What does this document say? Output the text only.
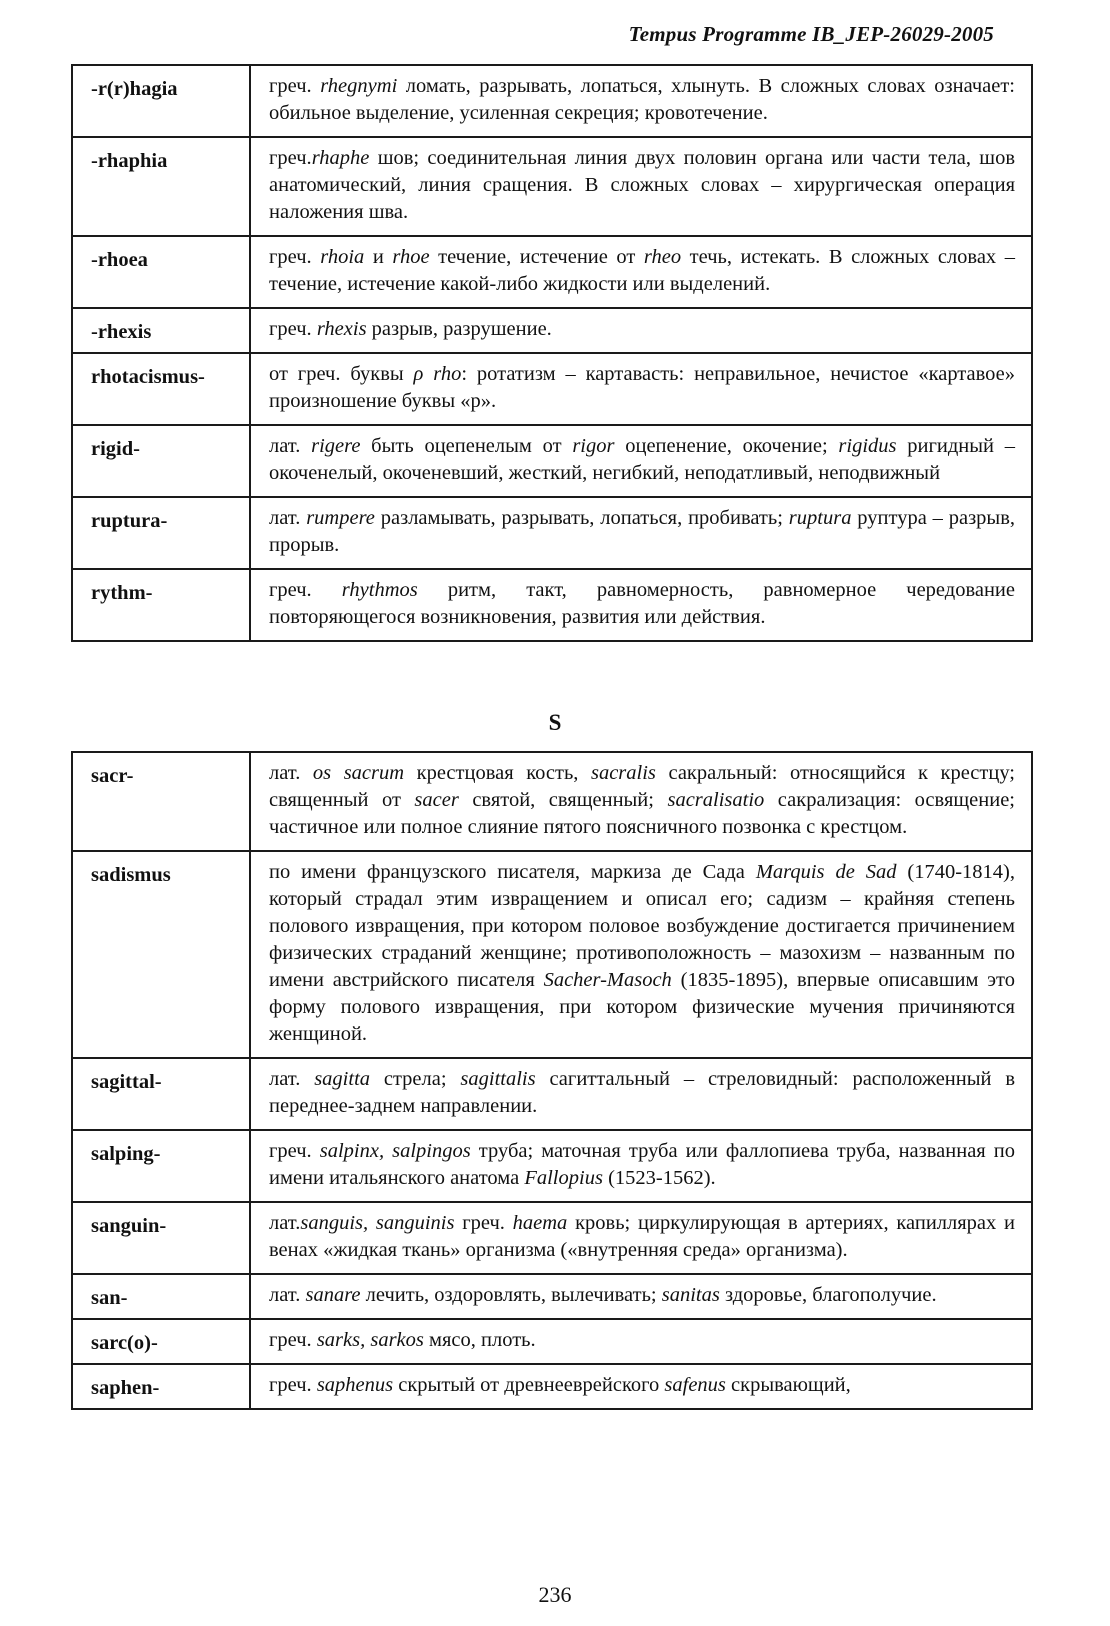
Tempus Programme IB_JEP-26029-2005
-r(r)hagia	греч. rhegnymi ломать, разрывать, лопаться, хлынуть. В сложных словах означает: обильное выделение, усиленная секреция; кровотечение.
-rhaphia	греч.rhaphe шов; соединительная линия двух половин органа или части тела, шов анатомический, линия сращения. В сложных словах – хирургическая операция наложения шва.
-rhoea	греч. rhoia и rhoe течение, истечение от rheo течь, истекать. В сложных словах – течение, истечение какой-либо жидкости или выделений.
-rhexis	греч. rhexis разрыв, разрушение.
rhotacismus-	от греч. буквы ρ rho: ротатизм – картавасть: неправильное, нечистое «картавое» произношение буквы «р».
rigid-	лат. rigere быть оцепенелым от rigor оцепенение, окочение; rigidus ригидный – окоченелый, окоченевший, жесткий, негибкий, неподатливый, неподвижный
ruptura-	лат. rumpere разламывать, разрывать, лопаться, пробивать; ruptura руптура – разрыв, прорыв.
rythm-	греч. rhythmos ритм, такт, равномерность, равномерное чередование повторяющегося возникновения, развития или действия.
S
sacr-	лат. os sacrum крестцовая кость, sacralis сакральный: относящийся к крестцу; священный от sacer святой, священный; sacralisatio сакрализация: освящение; частичное или полное слияние пятого поясничного позвонка с крестцом.
sadismus	по имени французского писателя, маркиза де Сада Marquis de Sad (1740-1814), который страдал этим извращением и описал его; садизм – крайняя степень полового извращения, при котором половое возбуждение достигается причинением физических страданий женщине; противоположность – мазохизм – названным по имени австрийского писателя Sacher-Masoch (1835-1895), впервые описавшим это форму полового извращения, при котором физические мучения причиняются женщиной.
sagittal-	лат. sagitta стрела; sagittalis сагиттальный – стреловидный: расположенный в переднее-заднем направлении.
salping-	греч. salpinx, salpingos труба; маточная труба или фаллопиева труба, названная по имени итальянского анатома Fallopius (1523-1562).
sanguin-	лат.sanguis, sanguinis греч. haema кровь; циркулирующая в артериях, капиллярах и венах «жидкая ткань» организма («внутренняя среда» организма).
san-	лат. sanare лечить, оздоровлять, вылечивать; sanitas здоровье, благополучие.
sarc(o)-	греч. sarks, sarkos мясо, плоть.
saphen-	греч. saphenus скрытый от древнееврейского safenus скрывающий,
236
